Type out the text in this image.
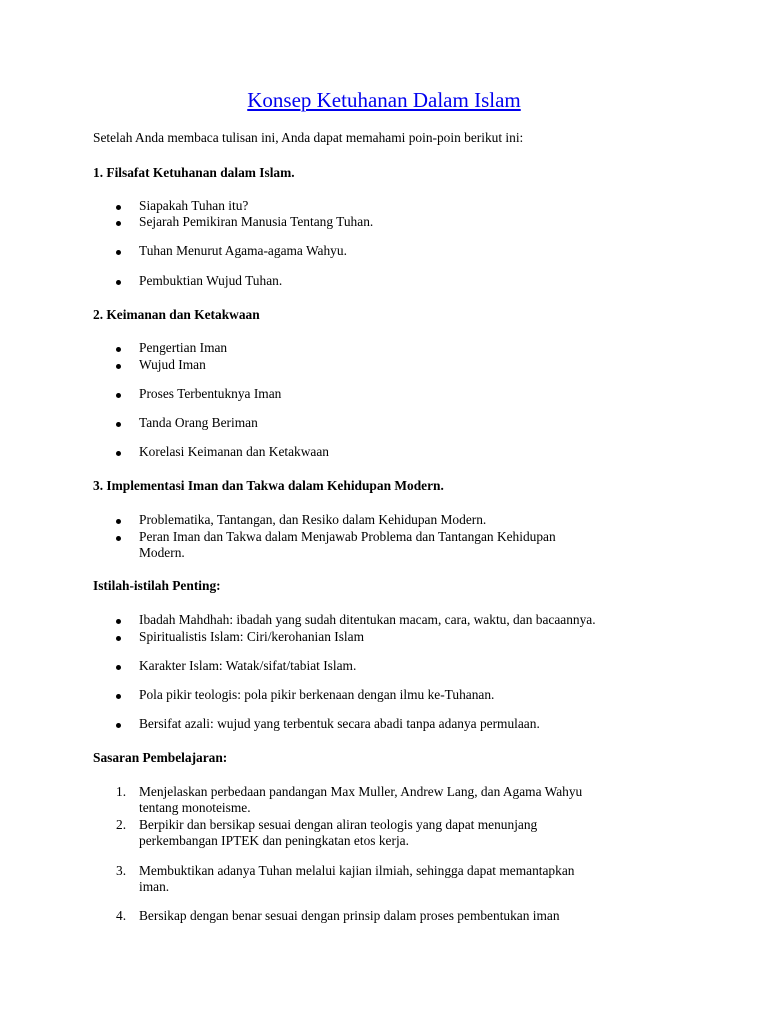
Konsep Ketuhanan Dalam Islam
Setelah Anda membaca tulisan ini, Anda dapat memahami poin-poin berikut ini:
1. Filsafat Ketuhanan dalam Islam.
Siapakah Tuhan itu?
Sejarah Pemikiran Manusia Tentang Tuhan.
Tuhan Menurut Agama-agama Wahyu.
Pembuktian Wujud Tuhan.
2. Keimanan dan Ketakwaan
Pengertian Iman
Wujud Iman
Proses Terbentuknya Iman
Tanda Orang Beriman
Korelasi Keimanan dan Ketakwaan
3. Implementasi Iman dan Takwa dalam Kehidupan Modern.
Problematika, Tantangan, dan Resiko dalam Kehidupan Modern.
Peran Iman dan Takwa dalam Menjawab Problema dan Tantangan Kehidupan
Modern.
Istilah-istilah Penting:
Ibadah Mahdhah: ibadah yang sudah ditentukan macam, cara, waktu, dan bacaannya.
Spiritualistis Islam: Ciri/kerohanian Islam
Karakter Islam: Watak/sifat/tabiat Islam.
Pola pikir teologis: pola pikir berkenaan dengan ilmu ke-Tuhanan.
Bersifat azali: wujud yang terbentuk secara abadi tanpa adanya permulaan.
Sasaran Pembelajaran:
1. Menjelaskan perbedaan pandangan Max Muller, Andrew Lang, dan Agama Wahyu
tentang monoteisme.
2. Berpikir dan bersikap sesuai dengan aliran teologis yang dapat menunjang
perkembangan IPTEK dan peningkatan etos kerja.
3. Membuktikan adanya Tuhan melalui kajian ilmiah, sehingga dapat memantapkan
iman.
4. Bersikap dengan benar sesuai dengan prinsip dalam proses pembentukan iman
